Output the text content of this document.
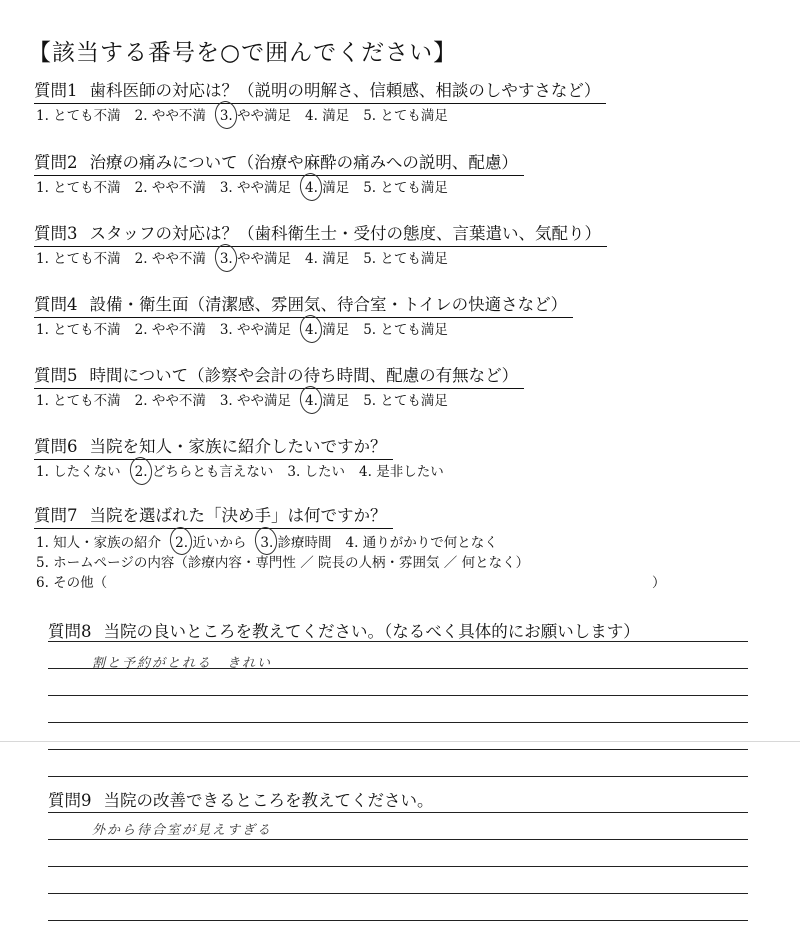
【該当する番号を○で囲んでください】
質問1 歯科医師の対応は？（説明の明解さ、信頼感、相談のしやすさなど）
1. とても不満 2. やや不満 3. やや満足 4. 満足 5. とても満足
質問2 治療の痛みについて（治療や麻酔の痛みへの説明、配慮）
1. とても不満 2. やや不満 3. やや満足 4. 満足 5. とても満足
質問3 スタッフの対応は？（歯科衛生士・受付の態度、言葉遣い、気配り）
1. とても不満 2. やや不満 3. やや満足 4. 満足 5. とても満足
質問4 設備・衛生面（清潔感、雰囲気、待合室・トイレの快適さなど）
1. とても不満 2. やや不満 3. やや満足 4. 満足 5. とても満足
質問5 時間について（診察や会計の待ち時間、配慮の有無など）
1. とても不満 2. やや不満 3. やや満足 4. 満足 5. とても満足
質問6 当院を知人・家族に紹介したいですか？
1. したくない 2. どちらとも言えない 3. したい 4. 是非したい
質問7 当院を選ばれた「決め手」は何ですか？
1. 知人・家族の紹介 2. 近いから 3. 診療時間 4. 通りがかりで何となく
5. ホームページの内容（診療内容・専門性 ／ 院長の人柄・雰囲気 ／ 何となく）
6. その他（	）
質問8 当院の良いところを教えてください。（なるべく具体的にお願いします）
割と予約がとれる　きれい
質問9 当院の改善できるところを教えてください。
外から待合室が見えすぎる
